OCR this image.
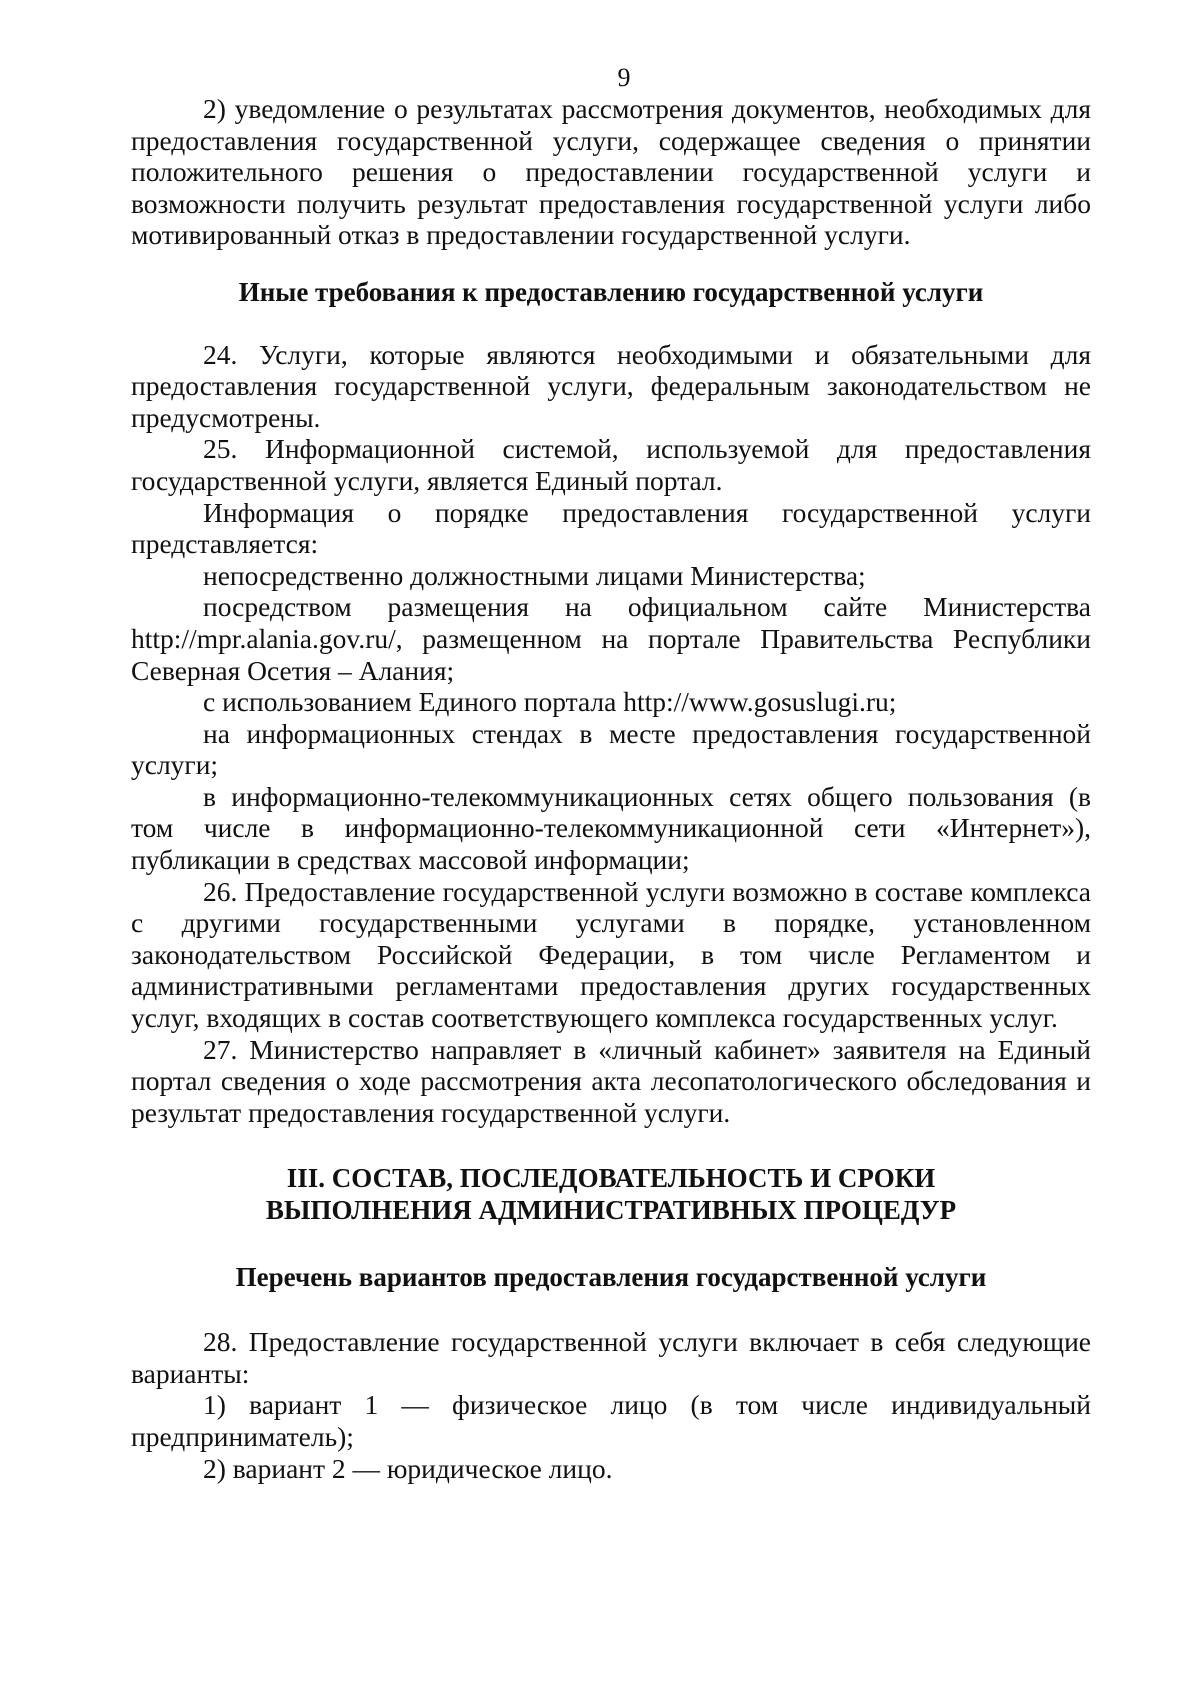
9

2) уведомление о результатах рассмотрения документов, необходимых для предоставления государственной услуги, содержащее сведения о принятии положительного решения о предоставлении государственной услуги и возможности получить результат предоставления государственной услуги либо мотивированный отказ в предоставлении государственной услуги.

Иные требования к предоставлению государственной услуги

24. Услуги, которые являются необходимыми и обязательными для предоставления государственной услуги, федеральным законодательством не предусмотрены.

25. Информационной системой, используемой для предоставления государственной услуги, является Единый портал.

Информация о порядке предоставления государственной услуги представляется:

непосредственно должностными лицами Министерства;

посредством размещения на официальном сайте Министерства http://mpr.alania.gov.ru/, размещенном на портале Правительства Республики Северная Осетия – Алания;

с использованием Единого портала http://www.gosuslugi.ru;

на информационных стендах в месте предоставления государственной услуги;

в информационно-телекоммуникационных сетях общего пользования (в том числе в информационно-телекоммуникационной сети «Интернет»), публикации в средствах массовой информации;

26. Предоставление государственной услуги возможно в составе комплекса с другими государственными услугами в порядке, установленном законодательством Российской Федерации, в том числе Регламентом и административными регламентами предоставления других государственных услуг, входящих в состав соответствующего комплекса государственных услуг.

27. Министерство направляет в «личный кабинет» заявителя на Единый портал сведения о ходе рассмотрения акта лесопатологического обследования и результат предоставления государственной услуги.

III. СОСТАВ, ПОСЛЕДОВАТЕЛЬНОСТЬ И СРОКИ
ВЫПОЛНЕНИЯ АДМИНИСТРАТИВНЫХ ПРОЦЕДУР
Перечень вариантов предоставления государственной услуги

28. Предоставление государственной услуги включает в себя следующие варианты:

1) вариант 1 — физическое лицо (в том числе индивидуальный предприниматель);

2) вариант 2 — юридическое лицо.
